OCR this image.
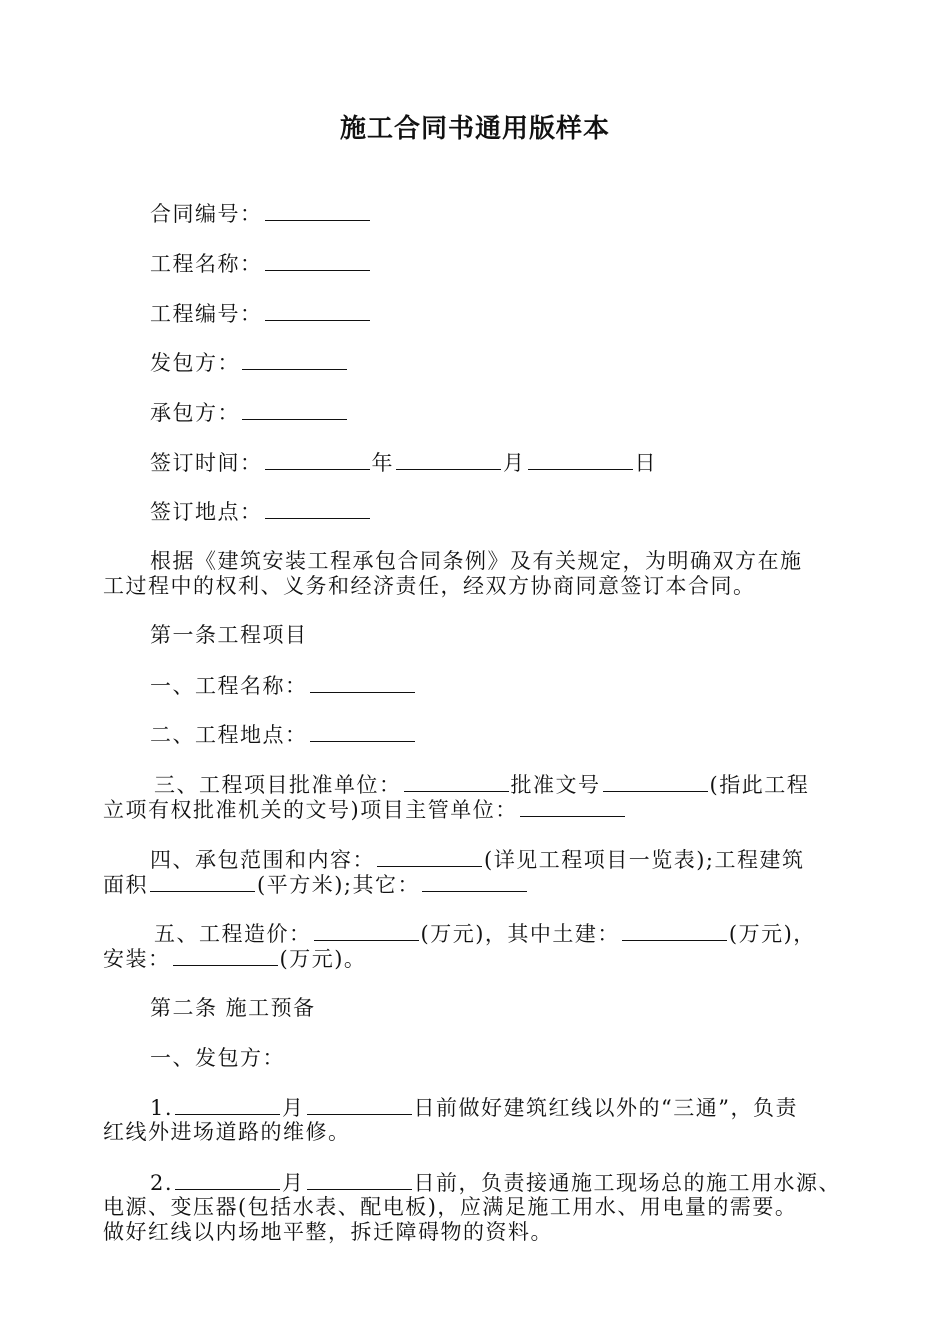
施工合同书通用版样本
合同编号：
工程名称：
工程编号：
发包方：
承包方：
签订时间：	年	月	日
签订地点：
根据《建筑安装工程承包合同条例》及有关规定，为明确双方在施
工过程中的权利、义务和经济责任，经双方协商同意签订本合同。
第一条工程项目
一、工程名称：
二、工程地点：
三、工程项目批准单位：	批准文号	(指此工程
立项有权批准机关的文号)项目主管单位：
四、承包范围和内容：	(详见工程项目一览表);工程建筑
面积	(平方米);其它：
五、工程造价：	(万元)，其中土建：	(万元)，
安装：	(万元)。
第二条 施工预备
一、发包方：
1.	月	日前做好建筑红线以外的“三通”，负责
红线外进场道路的维修。
2.	月	日前，负责接通施工现场总的施工用水源、
电源、变压器(包括水表、配电板)，应满足施工用水、用电量的需要。
做好红线以内场地平整，拆迁障碍物的资料。
